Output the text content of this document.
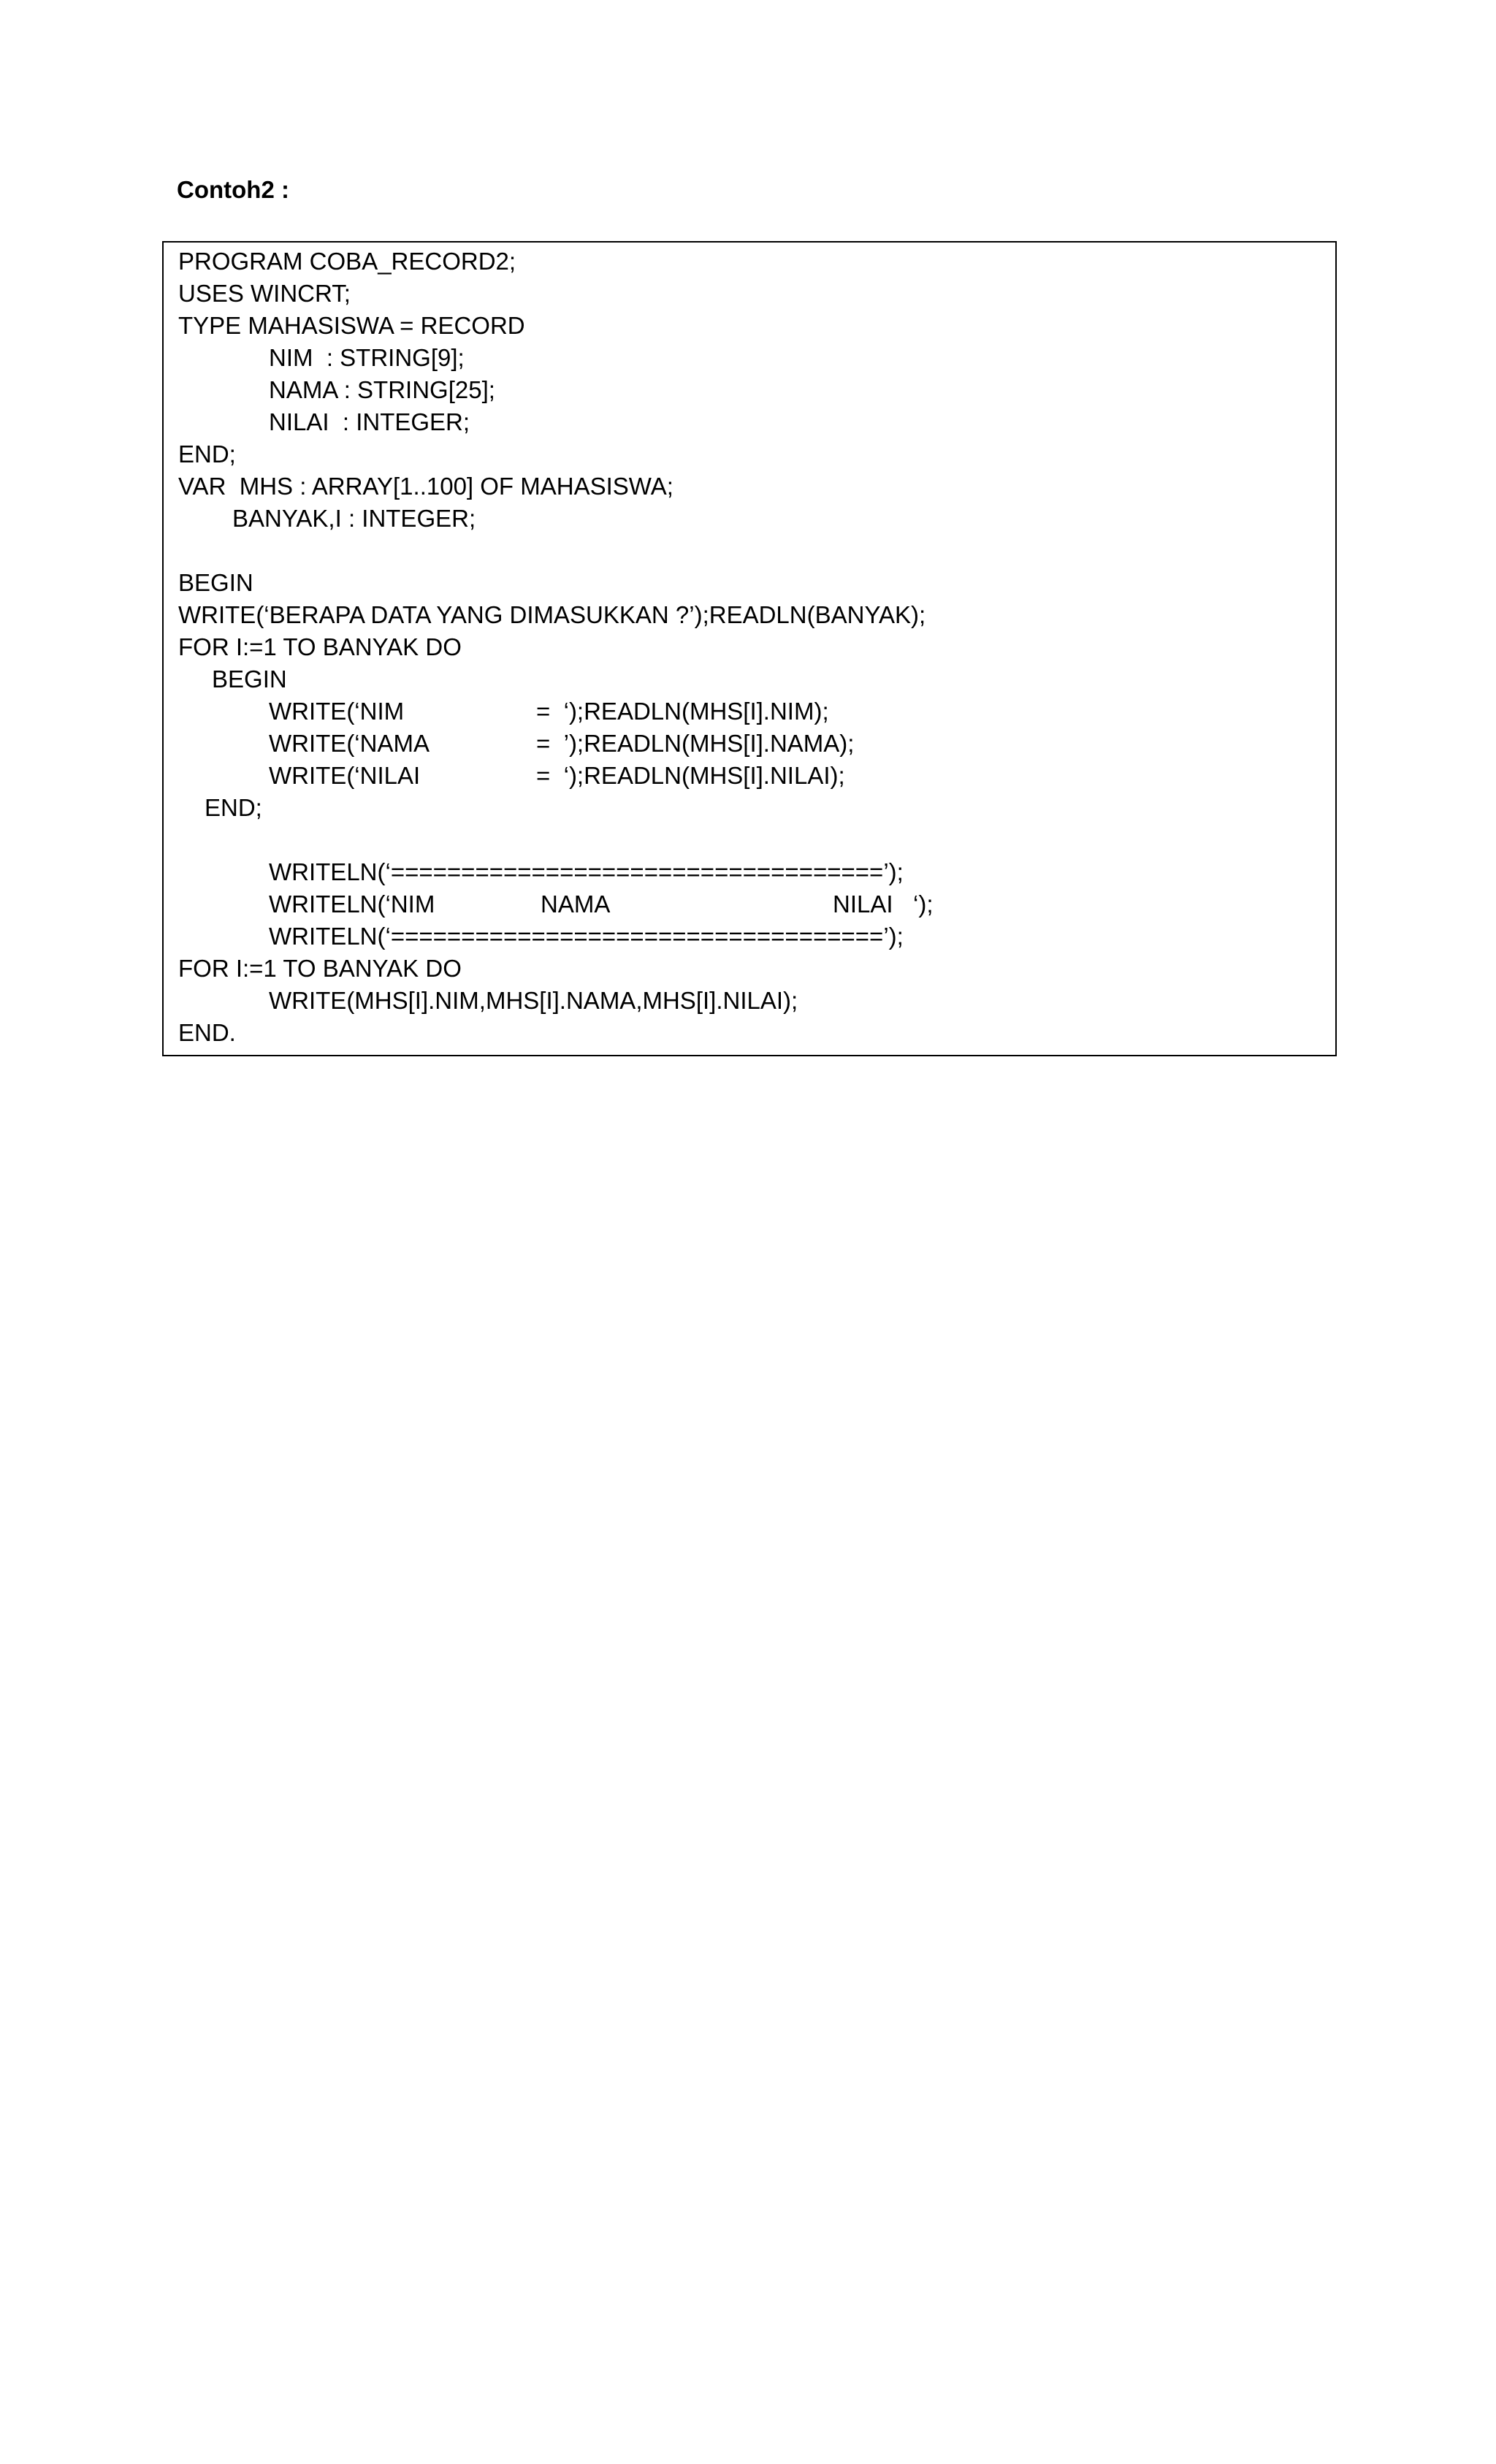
Contoh2 :
PROGRAM COBA_RECORD2;
USES WINCRT;
TYPE MAHASISWA = RECORD
NIM  : STRING[9];
NAMA : STRING[25];
NILAI  : INTEGER;
END;
VAR  MHS : ARRAY[1..100] OF MAHASISWA;
BANYAK,I : INTEGER;
BEGIN
WRITE(‘BERAPA DATA YANG DIMASUKKAN ?’);READLN(BANYAK);
FOR I:=1 TO BANYAK DO
BEGIN

WRITE(‘NIM

	=  ‘);READLN(MHS[I].NIM);

WRITE(‘NAMA

	=  ’);READLN(MHS[I].NAMA);

WRITE(‘NILAI

	=  ‘);READLN(MHS[I].NILAI);

END;
WRITELN(‘===================================’);

WRITELN(‘NIM

	NAMA

	NILAI   ‘);

WRITELN(‘===================================’);
FOR I:=1 TO BANYAK DO
WRITE(MHS[I].NIM,MHS[I].NAMA,MHS[I].NILAI);
END.
